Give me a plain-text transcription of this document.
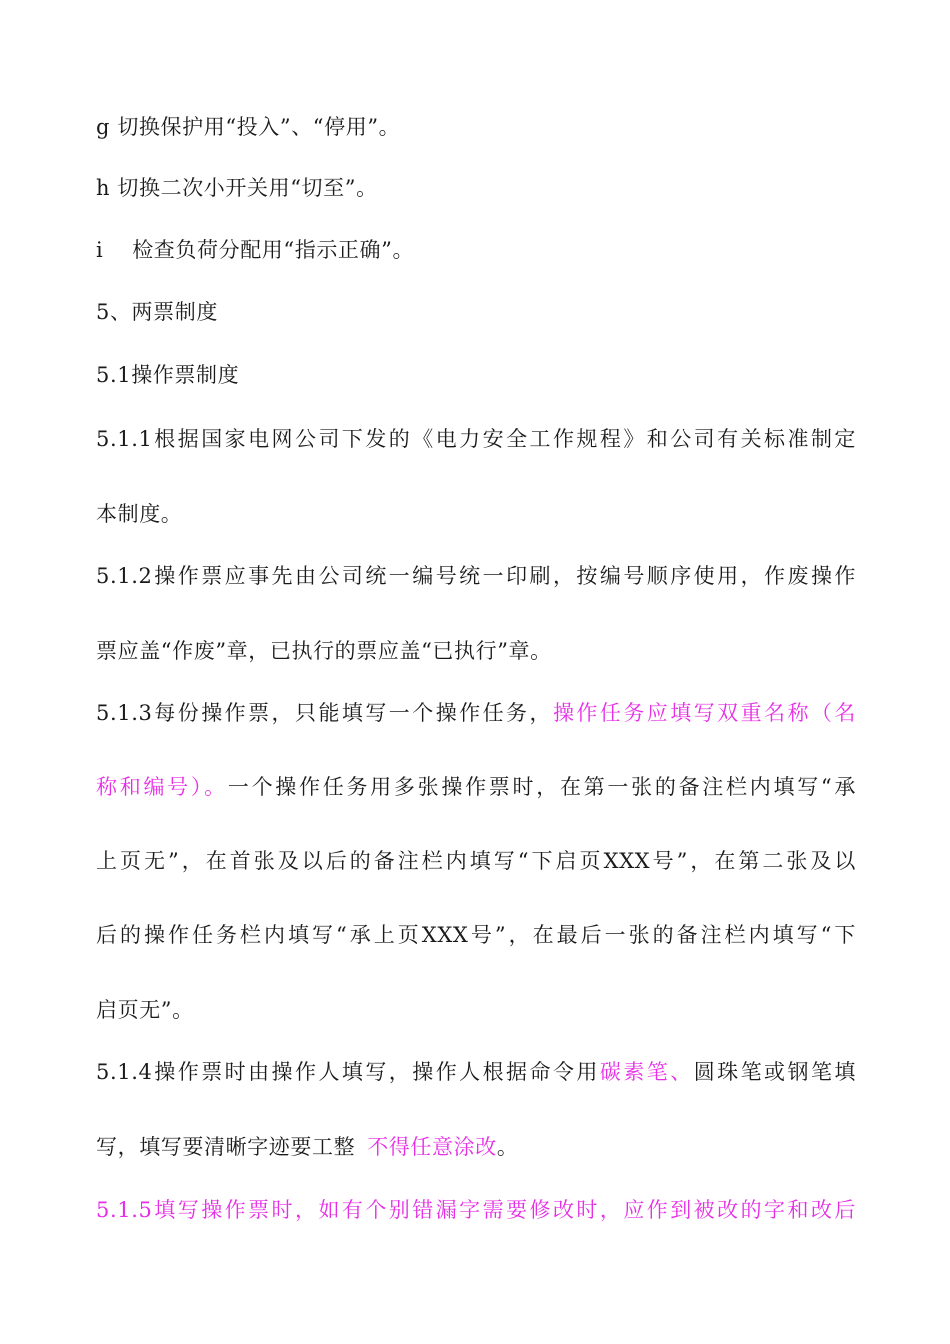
g 切换保护用“投入”、“停用”。
h 切换二次小开关用“切至”。
i　 检查负荷分配用“指示正确”。
5、两票制度
5.1操作票制度
5.1.1根据国家电网公司下发的《电力安全工作规程》和公司有关标准制定
本制度。
5.1.2操作票应事先由公司统一编号统一印刷，按编号顺序使用，作废操作
票应盖“作废”章，已执行的票应盖“已执行”章。
5.1.3每份操作票，只能填写一个操作任务，操作任务应填写双重名称（名
称和编号）。一个操作任务用多张操作票时，在第一张的备注栏内填写“承
上页无”，在首张及以后的备注栏内填写“下启页XXX号”，在第二张及以
后的操作任务栏内填写“承上页XXX号”，在最后一张的备注栏内填写“下
启页无”。
5.1.4操作票时由操作人填写，操作人根据命令用碳素笔、圆珠笔或钢笔填
写，填写要清晰字迹要工整 不得任意涂改。
5.1.5填写操作票时，如有个别错漏字需要修改时，应作到被改的字和改后
